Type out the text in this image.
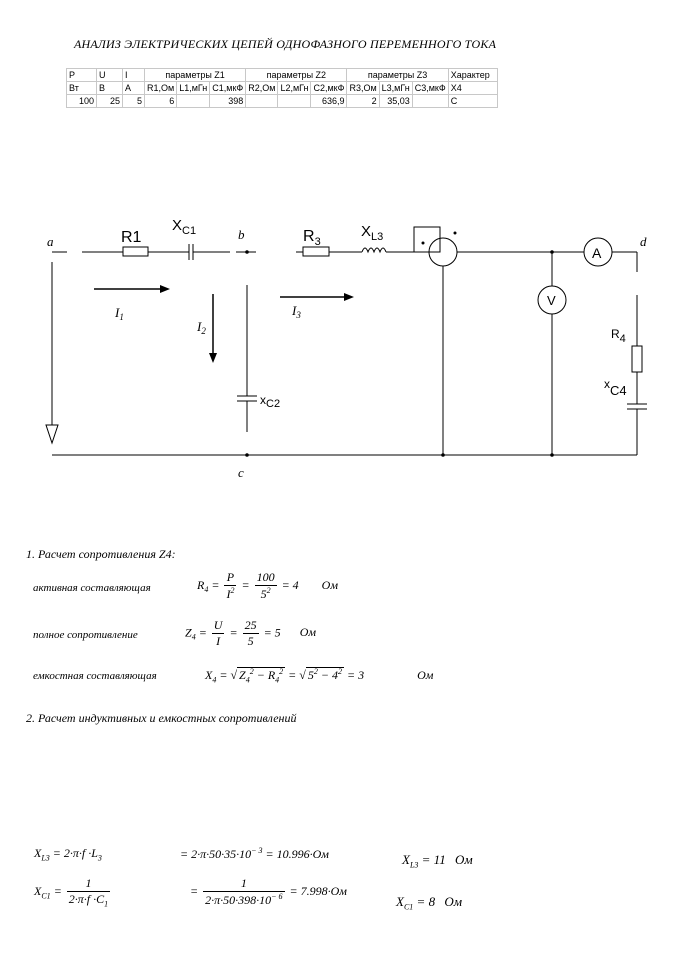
АНАЛИЗ ЭЛЕКТРИЧЕСКИХ ЦЕПЕЙ ОДНОФАЗНОГО ПЕРЕМЕННОГО ТОКА
P	U	I	параметры Z1			параметры Z2			параметры Z3			Характер
Вт	В	А	R1,Ом	L1,мГн	C1,мкФ	R2,Ом	L2,мГн	C2,мкФ	R3,Ом	L3,мГн	C3,мкФ	X4
100	25	5	6		398			636,9	2	35,03		C
a	b
c
d
$I_1$
$I_2$
$I_3$
R1
$X_{C1}$	$R_3$
$X_{L3}$
xC2
R4
xC4
A
V
1. Расчет сопротивления Z4:
активная составляющая	$R_4 = \frac{P}{I^2} = \frac{100}{5^2} = 4$ Ом
полное сопротивление	$Z_4 = \frac{U}{I} = \frac{25}{5} = 5$ Ом
емкостная составляющая	$X_4$ = √ $Z_4^2 - R_4^2$ = √ $5^2 - 4^2 = 3$	Ом
2. Расчет индуктивных и емкостных сопротивлений
$X_{L3} = 2\cdot\pi\cdot f \cdot L_3$	= $2\cdot\pi\cdot 50\cdot 35\cdot 10^{- 3} = 10.996\cdot Ом$	$X_{L3} = 11$ Ом
$X_{C1} = \frac{1}{2\cdot\pi\cdot f \cdot C_1}$	= $\frac{1}{2\cdot\pi\cdot 50\cdot 398\cdot 10^{- 6}} = 7.998\cdot Ом$
$X_{C1} = 8$ Ом
